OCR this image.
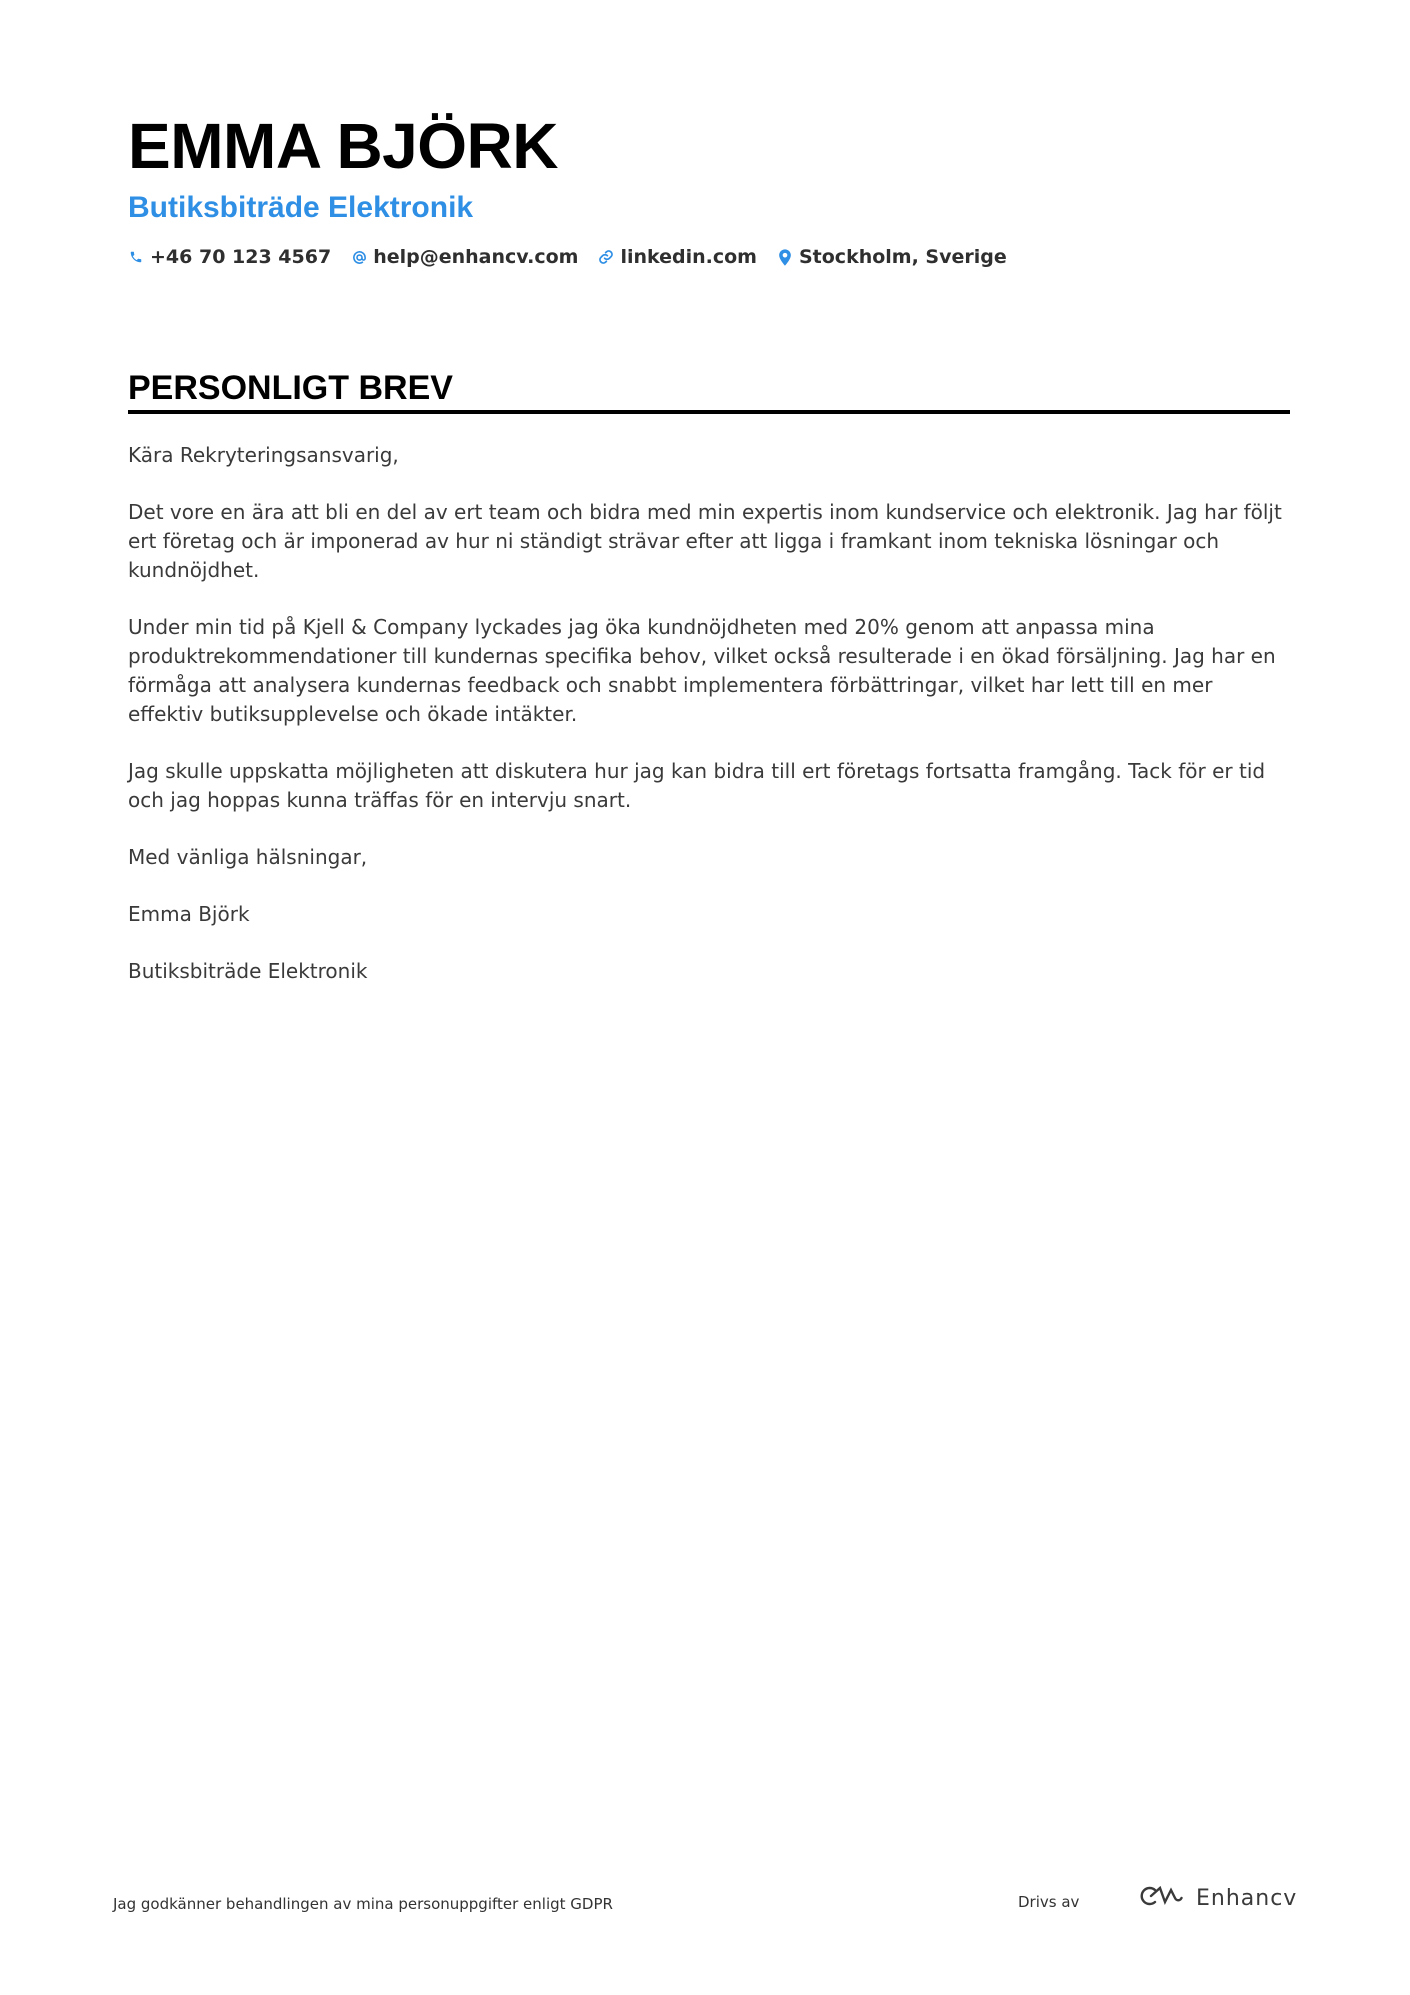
EMMA BJÖRK
Butiksbiträde Elektronik
+46 70 123 4567 help@enhancv.com linkedin.com Stockholm, Sverige
PERSONLIGT BREV

Kära Rekryteringsansvarig,

Det vore en ära att bli en del av ert team och bidra med min expertis inom kundservice och elektronik. Jag har följt ert företag och är imponerad av hur ni ständigt strävar efter att ligga i framkant inom tekniska lösningar och kundnöjdhet.

Under min tid på Kjell & Company lyckades jag öka kundnöjdheten med 20% genom att anpassa mina produktrekommendationer till kundernas specifika behov, vilket också resulterade i en ökad försäljning. Jag har en förmåga att analysera kundernas feedback och snabbt implementera förbättringar, vilket har lett till en mer effektiv butiksupplevelse och ökade intäkter.

Jag skulle uppskatta möjligheten att diskutera hur jag kan bidra till ert företags fortsatta framgång. Tack för er tid och jag hoppas kunna träffas för en intervju snart.

Med vänliga hälsningar,

Emma Björk

Butiksbiträde Elektronik

Jag godkänner behandlingen av mina personuppgifter enligt GDPR	Drivs av	Enhancv
